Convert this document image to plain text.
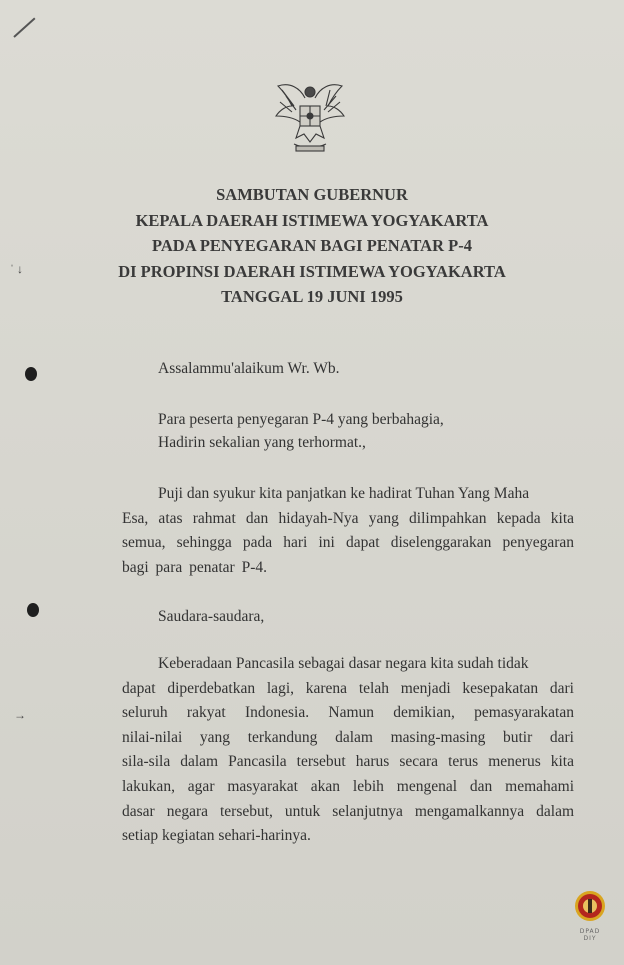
SAMBUTAN GUBERNUR
KEPALA DAERAH ISTIMEWA YOGYAKARTA
PADA PENYEGARAN BAGI PENATAR P-4
DI PROPINSI DAERAH ISTIMEWA YOGYAKARTA
TANGGAL 19 JUNI 1995
Assalammu'alaikum Wr. Wb.
Para peserta penyegaran P-4 yang berbahagia,
Hadirin sekalian yang terhormat.,
Puji dan syukur kita panjatkan ke hadirat Tuhan Yang Maha
Esa, atas rahmat dan hidayah-Nya yang dilimpahkan kepada kita
semua, sehingga pada hari ini dapat diselenggarakan penyegaran
bagi para penatar P-4.
Saudara-saudara,
Keberadaan Pancasila sebagai dasar negara kita sudah tidak
dapat diperdebatkan lagi, karena telah menjadi kesepakatan dari
seluruh rakyat Indonesia. Namun demikian, pemasyarakatan
nilai-nilai yang terkandung dalam masing-masing butir dari
sila-sila dalam Pancasila tersebut harus secara terus menerus kita
lakukan, agar masyarakat akan lebih mengenal dan memahami
dasar negara tersebut, untuk selanjutnya mengamalkannya dalam
setiap kegiatan sehari-harinya.
ˈ ↓
→
DPAD
DIY
